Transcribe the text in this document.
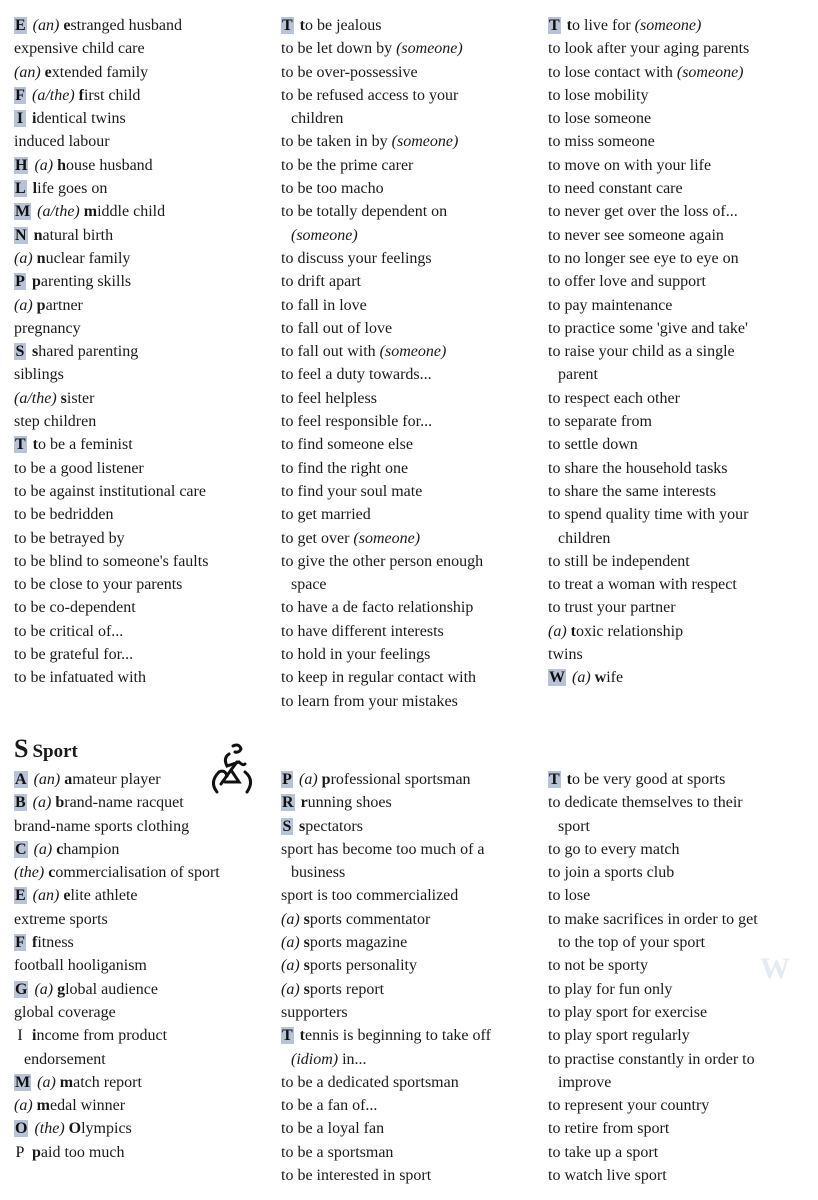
E (an) estranged husband
expensive child care
(an) extended family
F (a/the) first child
I identical twins
induced labour
H (a) house husband
L life goes on
M (a/the) middle child
N natural birth
(a) nuclear family
P parenting skills
(a) partner
pregnancy
S shared parenting
siblings
(a/the) sister
step children
T to be a feminist
to be a good listener
to be against institutional care
to be bedridden
to be betrayed by
to be blind to someone's faults
to be close to your parents
to be co-dependent
to be critical of...
to be grateful for...
to be infatuated with
T to be jealous
to be let down by (someone)
to be over-possessive
to be refused access to your
children
to be taken in by (someone)
to be the prime carer
to be too macho
to be totally dependent on
(someone)
to discuss your feelings
to drift apart
to fall in love
to fall out of love
to fall out with (someone)
to feel a duty towards...
to feel helpless
to feel responsible for...
to find someone else
to find the right one
to find your soul mate
to get married
to get over (someone)
to give the other person enough
space
to have a de facto relationship
to have different interests
to hold in your feelings
to keep in regular contact with
to learn from your mistakes
T to live for (someone)
to look after your aging parents
to lose contact with (someone)
to lose mobility
to lose someone
to miss someone
to move on with your life
to need constant care
to never get over the loss of...
to never see someone again
to no longer see eye to eye on
to offer love and support
to pay maintenance
to practice some 'give and take'
to raise your child as a single
parent
to respect each other
to separate from
to settle down
to share the household tasks
to share the same interests
to spend quality time with your
children
to still be independent
to treat a woman with respect
to trust your partner
(a) toxic relationship
twins
W (a) wife
S Sport
A (an) amateur player
B (a) brand-name racquet
brand-name sports clothing
C (a) champion
(the) commercialisation of sport
E (an) elite athlete
extreme sports
F fitness
football hooliganism
G (a) global audience
global coverage
I income from product
endorsement
M (a) match report
(a) medal winner
O (the) Olympics
P paid too much
P (a) professional sportsman
R running shoes
S spectators
sport has become too much of a
business
sport is too commercialized
(a) sports commentator
(a) sports magazine
(a) sports personality
(a) sports report
supporters
T tennis is beginning to take off
(idiom) in...
to be a dedicated sportsman
to be a fan of...
to be a loyal fan
to be a sportsman
to be interested in sport
T to be very good at sports
to dedicate themselves to their
sport
to go to every match
to join a sports club
to lose
to make sacrifices in order to get
to the top of your sport
to not be sporty
to play for fun only
to play sport for exercise
to play sport regularly
to practise constantly in order to
improve
to represent your country
to retire from sport
to take up a sport
to watch live sport
W
